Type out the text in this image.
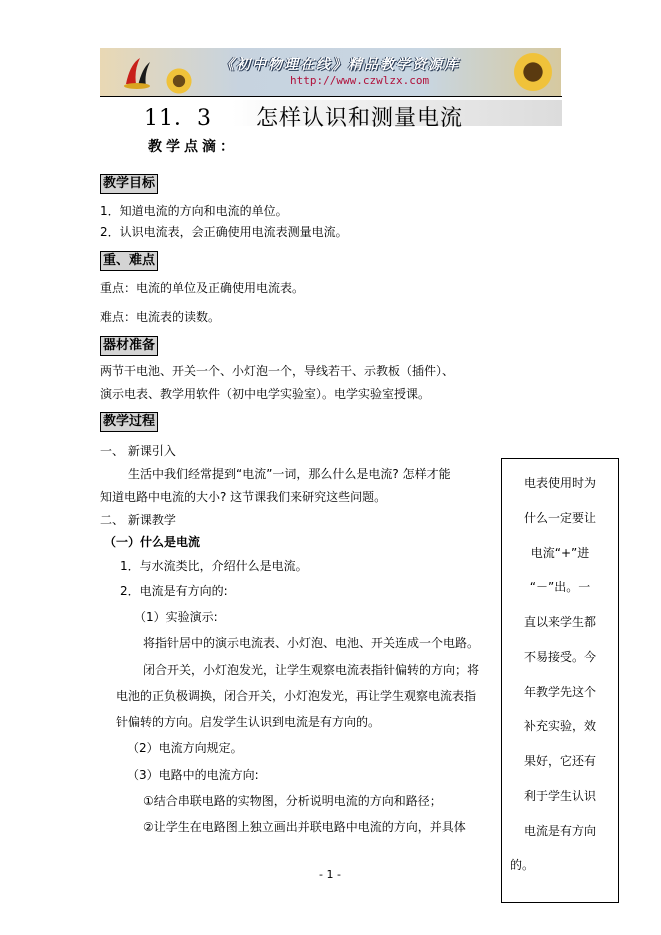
《初中物理在线》精品教学资源库
http://www.czwlzx.com
11．3 怎样认识和测量电流
教学点滴：
教学目标
1．知道电流的方向和电流的单位。
2．认识电流表，会正确使用电流表测量电流。
重、难点
重点：电流的单位及正确使用电流表。
难点：电流表的读数。
器材准备
两节干电池、开关一个、小灯泡一个，导线若干、示教板（插件）、
演示电表、教学用软件（初中电学实验室）。电学实验室授课。
教学过程
一、 新课引入
生活中我们经常提到“电流”一词，那么什么是电流? 怎样才能
知道电路中电流的大小? 这节课我们来研究这些问题。
二、 新课教学
（一）什么是电流
1．与水流类比，介绍什么是电流。
2．电流是有方向的:
（1）实验演示:
将指针居中的演示电流表、小灯泡、电池、开关连成一个电路。
闭合开关，小灯泡发光，让学生观察电流表指针偏转的方向；将
电池的正负极调换，闭合开关，小灯泡发光，再让学生观察电流表指
针偏转的方向。启发学生认识到电流是有方向的。
（2）电流方向规定。
（3）电路中的电流方向:
①结合串联电路的实物图，分析说明电流的方向和路径；
②让学生在电路图上独立画出并联电路中电流的方向，并具体
电表使用时为
什么一定要让
电流“+”进
“－”出。一
直以来学生都
不易接受。今
年教学先这个
补充实验，效
果好，它还有
利于学生认识
电流是有方向
的。
- 1 -
